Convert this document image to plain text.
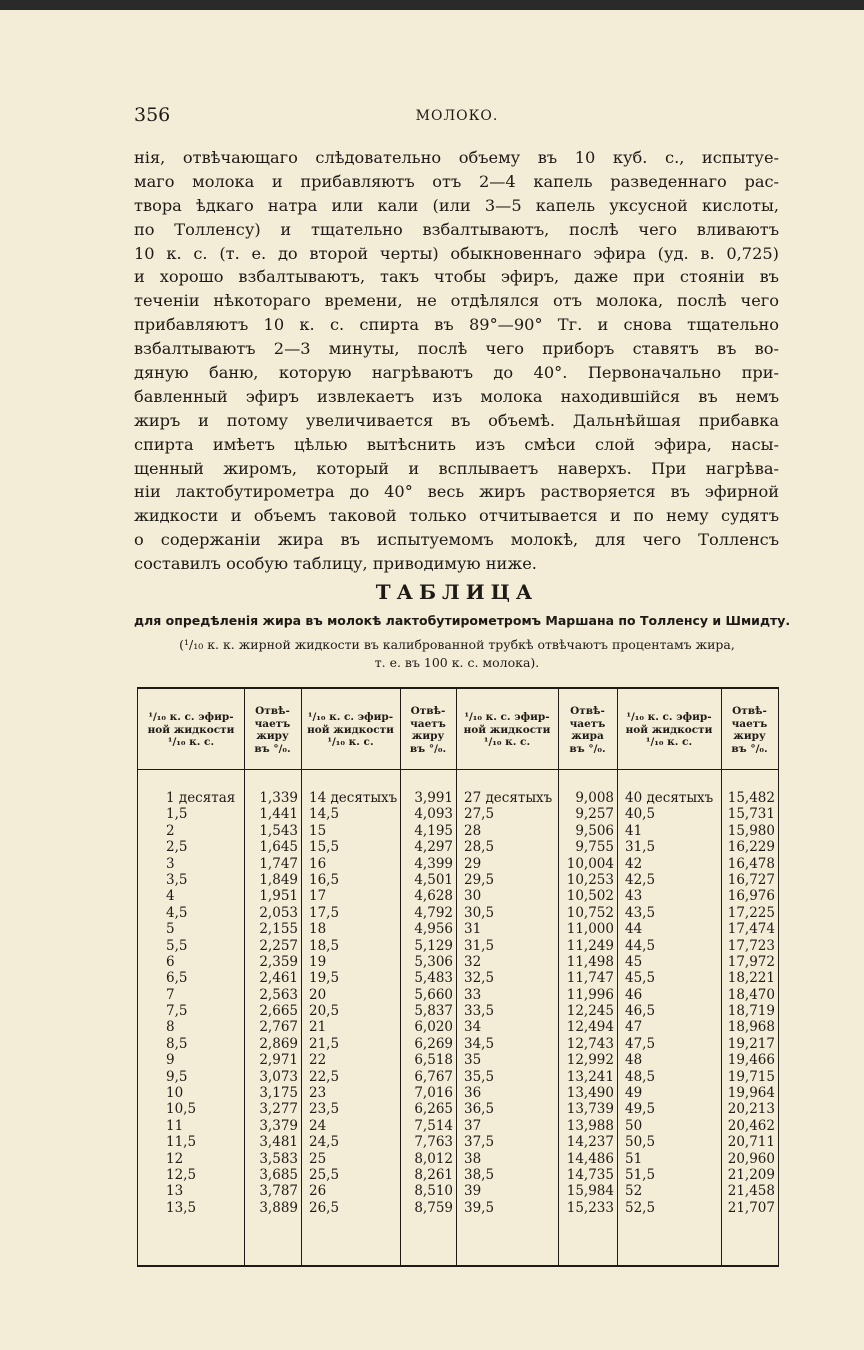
356	МОЛОКО.
нія, отвѣчающаго слѣдовательно объему въ 10 куб. с., испытуе-
маго молока и прибавляютъ отъ 2—4 капель разведеннаго рас-
твора ѣдкаго натра или кали (или 3—5 капель уксусной кислоты,
по Толленсу) и тщательно взбалтываютъ, послѣ чего вливаютъ
10 к. с. (т. е. до второй черты) обыкновеннаго эфира (уд. в. 0,725)
и хорошо взбалтываютъ, такъ чтобы эфиръ, даже при стояніи въ
теченіи нѣкотораго времени, не отдѣлялся отъ молока, послѣ чего
прибавляютъ 10 к. с. спирта въ 89°—90° Тг. и снова тщательно
взбалтываютъ 2—3 минуты, послѣ чего приборъ ставятъ въ во-
дяную баню, которую нагрѣваютъ до 40°. Первоначально при-
бавленный эфиръ извлекаетъ изъ молока находившійся въ немъ
жиръ и потому увеличивается въ объемѣ. Дальнѣйшая прибавка
спирта имѣетъ цѣлью вытѣснить изъ смѣси слой эфира, насы-
щенный жиромъ, который и всплываетъ наверхъ. При нагрѣва-
ніи лактобутирометра до 40° весь жиръ растворяется въ эфирной
жидкости и объемъ таковой только отчитывается и по нему судятъ
о содержаніи жира въ испытуемомъ молокѣ, для чего Толленсъ
составилъ особую таблицу, приводимую ниже.
ТАБЛИЦА
для опредѣленія жира въ молокѣ лактобутирометромъ Маршана по Толленсу и Шмидту.
(¹/₁₀ к. к. жирной жидкости въ калиброванной трубкѣ отвѣчаютъ процентамъ жира,
т. е. въ 100 к. с. молока).
¹/₁₀ к. с. эфир-
ной жидкости
¹/₁₀ к. с.
Отвѣ-
чаетъ
жиру
въ °/₀.
1 десятая
1,5
2
2,5
3
3,5
4
4,5
5
5,5
6
6,5
7
7,5
8
8,5
9
9,5
10
10,5
11
11,5
12
12,5
13
13,5
1,339
1,441
1,543
1,645
1,747
1,849
1,951
2,053
2,155
2,257
2,359
2,461
2,563
2,665
2,767
2,869
2,971
3,073
3,175
3,277
3,379
3,481
3,583
3,685
3,787
3,889
¹/₁₀ к. с. эфир-
ной жидкости
¹/₁₀ к. с.
Отвѣ-
чаетъ
жиру
въ °/₀.
14 десятыхъ
14,5
15
15,5
16
16,5
17
17,5
18
18,5
19
19,5
20
20,5
21
21,5
22
22,5
23
23,5
24
24,5
25
25,5
26
26,5
3,991
4,093
4,195
4,297
4,399
4,501
4,628
4,792
4,956
5,129
5,306
5,483
5,660
5,837
6,020
6,269
6,518
6,767
7,016
6,265
7,514
7,763
8,012
8,261
8,510
8,759
¹/₁₀ к. с. эфир-
ной жидкости
¹/₁₀ к. с.
Отвѣ-
чаетъ
жира
въ °/₀.
27 десятыхъ
27,5
28
28,5
29
29,5
30
30,5
31
31,5
32
32,5
33
33,5
34
34,5
35
35,5
36
36,5
37
37,5
38
38,5
39
39,5
9,008
9,257
9,506
9,755
10,004
10,253
10,502
10,752
11,000
11,249
11,498
11,747
11,996
12,245
12,494
12,743
12,992
13,241
13,490
13,739
13,988
14,237
14,486
14,735
15,984
15,233
¹/₁₀ к. с. эфир-
ной жидкости
¹/₁₀ к. с.
Отвѣ-
чаетъ
жиру
въ °/₀.
40 десятыхъ
40,5
41
31,5
42
42,5
43
43,5
44
44,5
45
45,5
46
46,5
47
47,5
48
48,5
49
49,5
50
50,5
51
51,5
52
52,5
15,482
15,731
15,980
16,229
16,478
16,727
16,976
17,225
17,474
17,723
17,972
18,221
18,470
18,719
18,968
19,217
19,466
19,715
19,964
20,213
20,462
20,711
20,960
21,209
21,458
21,707
